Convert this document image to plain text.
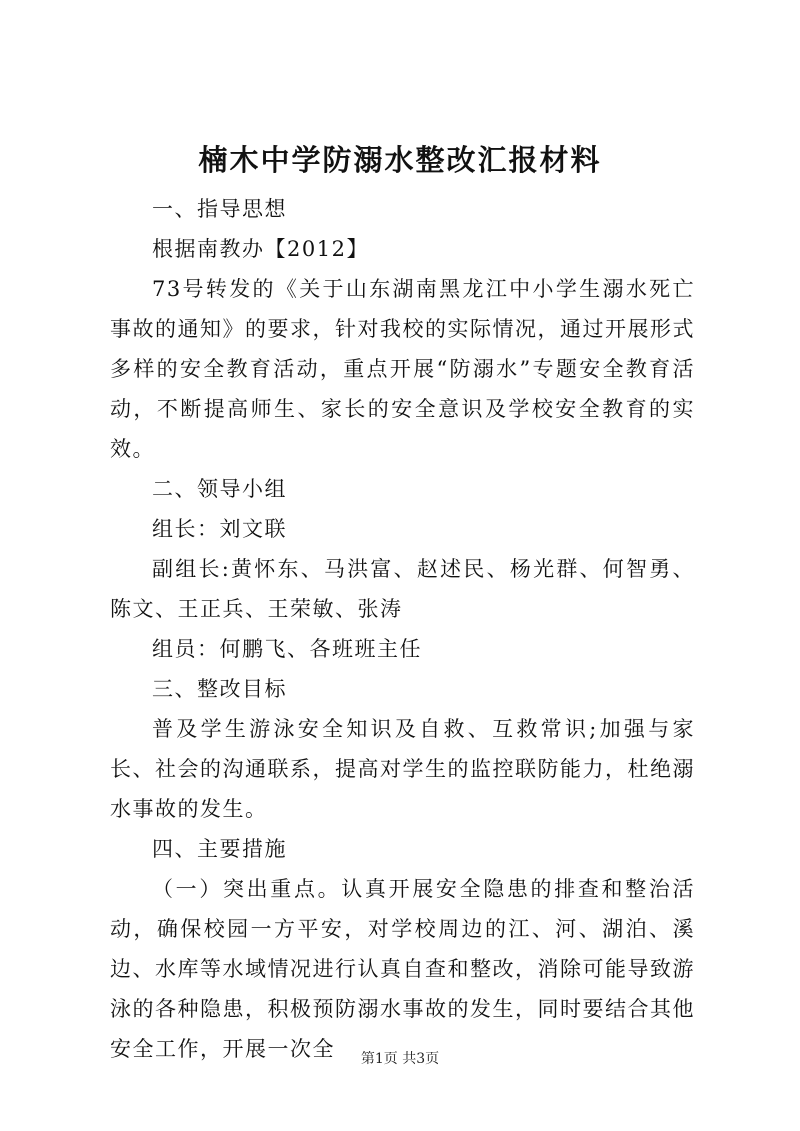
楠木中学防溺水整改汇报材料

一、指导思想

根据南教办【2012】

73号转发的《关于山东湖南黑龙江中小学生溺水死亡事故的通知》的要求，针对我校的实际情况，通过开展形式多样的安全教育活动，重点开展“防溺水”专题安全教育活动，不断提高师生、家长的安全意识及学校安全教育的实效。

二、领导小组

组长：刘文联

副组长:黄怀东、马洪富、赵述民、杨光群、何智勇、陈文、王正兵、王荣敏、张涛

组员：何鹏飞、各班班主任

三、整改目标

普及学生游泳安全知识及自救、互救常识;加强与家长、社会的沟通联系，提高对学生的监控联防能力，杜绝溺水事故的发生。

四、主要措施

（一）突出重点。认真开展安全隐患的排查和整治活动，确保校园一方平安，对学校周边的江、河、湖泊、溪边、水库等水域情况进行认真自查和整改，消除可能导致游泳的各种隐患，积极预防溺水事故的发生，同时要结合其他安全工作，开展一次全	第1页 共3页
